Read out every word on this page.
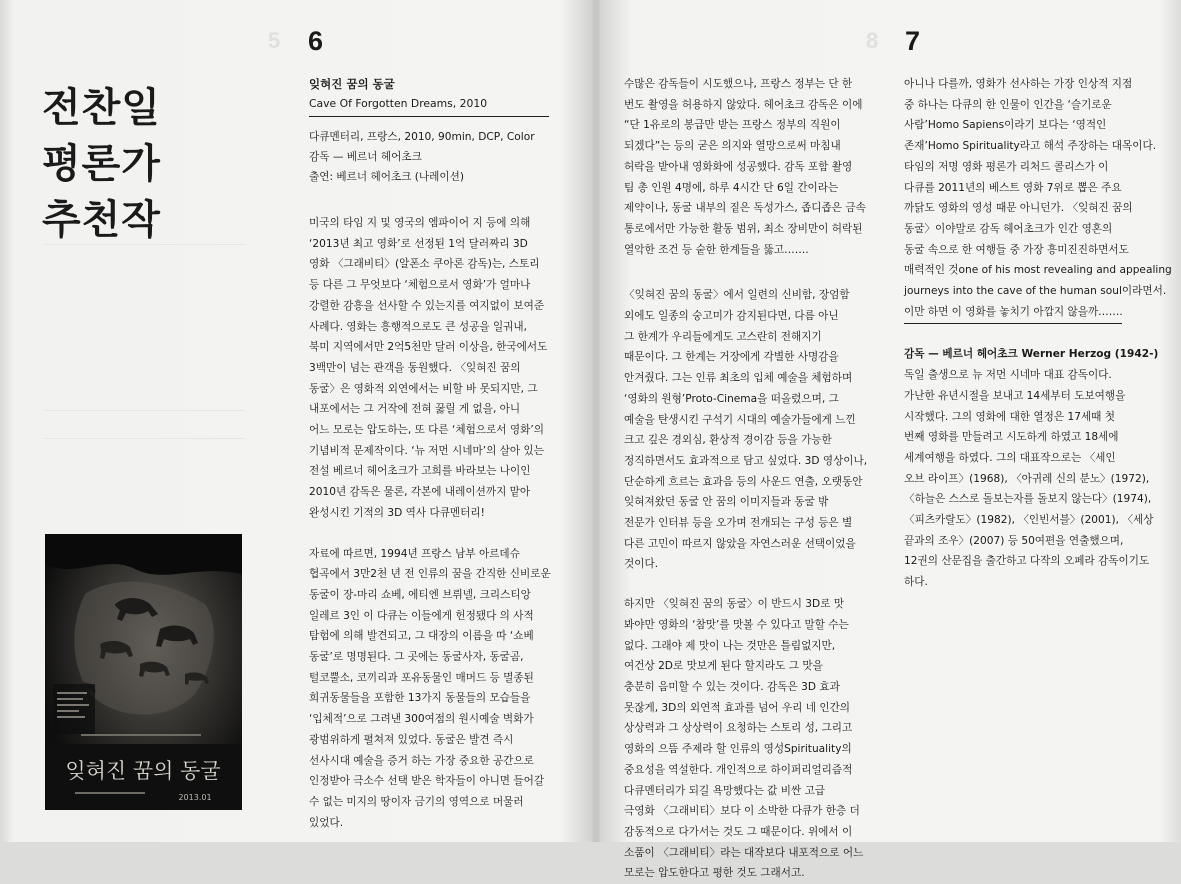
5 6
전찬일
평론가
추천작
잊혀진 꿈의 동굴
Cave Of Forgotten Dreams, 2010

다큐멘터리, 프랑스, 2010, 90min, DCP, Color

감독 — 베르너 헤어초크

출연: 베르너 헤어초크 (나레이션)

미국의 타임 지 및 영국의 엠파이어 지 등에 의해

‘2013년 최고 영화’로 선정된 1억 달러짜리 3D

영화 〈그래비티〉(알폰소 쿠아론 감독)는, 스토리

등 다른 그 무엇보다 ‘체험으로서 영화’가 얼마나

강렬한 감흥을 선사할 수 있는지를 여지없이 보여준

사례다. 영화는 흥행적으로도 큰 성공을 일궈내,

북미 지역에서만 2억5천만 달러 이상을, 한국에서도

3백만이 넘는 관객을 동원했다. 〈잊혀진 꿈의

동굴〉은 영화적 외연에서는 비할 바 못되지만, 그

내포에서는 그 거작에 전혀 꿇릴 게 없을, 아니

어느 모로는 압도하는, 또 다른 ‘체험으로서 영화’의

기념비적 문제작이다. ‘뉴 저먼 시네마’의 살아 있는

전설 베르너 헤어초크가 고희를 바라보는 나이인

2010년 감독은 물론, 각본에 내레이션까지 맡아

완성시킨 기적의 3D 역사 다큐멘터리!

자료에 따르면, 1994년 프랑스 남부 아르데슈

협곡에서 3만2천 년 전 인류의 꿈을 간직한 신비로운

동굴이 장-마리 쇼베, 에티엔 브뤼넬, 크리스티앙

일레르 3인 이 다큐는 이들에게 헌정됐다 의 사적

탐험에 의해 발견되고, 그 대장의 이름을 따 ‘쇼베

동굴’로 명명된다. 그 곳에는 동굴사자, 동굴곰,

털코뿔소, 코끼리과 포유동물인 매머드 등 멸종된

희귀동물들을 포함한 13가지 동물들의 모습들을

‘입체적’으로 그려낸 300여점의 원시예술 벽화가

광범위하게 펼쳐져 있었다. 동굴은 발견 즉시

선사시대 예술을 증거 하는 가장 중요한 공간으로

인정받아 극소수 선택 받은 학자들이 아니면 들어갈

수 없는 미지의 땅이자 금기의 영역으로 머물러

있었다.

잊혀진 꿈의 동굴
2013.01
8 7

수많은 감독들이 시도했으나, 프랑스 정부는 단 한

번도 촬영을 허용하지 않았다. 헤어초크 감독은 이에

“단 1유로의 봉급만 받는 프랑스 정부의 직원이

되겠다”는 등의 굳은 의지와 열망으로써 마침내

허락을 받아내 영화화에 성공했다. 감독 포함 촬영

팀 총 인원 4명에, 하루 4시간 단 6일 간이라는

제약이나, 동굴 내부의 짙은 독성가스, 좁디좁은 금속

통로에서만 가능한 활동 범위, 최소 장비만이 허락된

열악한 조건 등 숱한 한계들을 뚫고…….

〈잊혀진 꿈의 동굴〉에서 일련의 신비함, 장엄함

외에도 일종의 숭고미가 감지된다면, 다름 아닌

그 한계가 우리들에게도 고스란히 전해지기

때문이다. 그 한계는 거장에게 각별한 사명감을

안겨줬다. 그는 인류 최초의 입체 예술을 체험하며

‘영화의 원형’Proto-Cinema을 떠올렸으며, 그

예술을 탄생시킨 구석기 시대의 예술가들에게 느낀

크고 깊은 경외심, 환상적 경이감 등을 가능한

정직하면서도 효과적으로 담고 싶었다. 3D 영상이나,

단순하게 흐르는 효과음 등의 사운드 연출, 오랫동안

잊혀져왔던 동굴 안 꿈의 이미지들과 동굴 밖

전문가 인터뷰 등을 오가며 전개되는 구성 등은 별

다른 고민이 따르지 않았을 자연스러운 선택이었을

것이다.

하지만 〈잊혀진 꿈의 동굴〉이 반드시 3D로 맛

봐야만 영화의 ‘참맛’를 맛볼 수 있다고 말할 수는

없다. 그래야 제 맛이 나는 것만은 틀림없지만,

여건상 2D로 맛보게 된다 할지라도 그 맛을

충분히 음미할 수 있는 것이다. 감독은 3D 효과

못잖게, 3D의 외연적 효과를 넘어 우리 네 인간의

상상력과 그 상상력이 요청하는 스토리 성, 그리고

영화의 으뜸 주제라 할 인류의 영성Spirituality의

중요성을 역설한다. 개인적으로 하이퍼리얼리즘적

다큐멘터리가 되길 욕망했다는 값 비싼 고급

극영화 〈그래비티〉보다 이 소박한 다큐가 한층 더

감동적으로 다가서는 것도 그 때문이다. 위에서 이

소품이 〈그래비티〉라는 대작보다 내포적으로 어느

모로는 압도한다고 평한 것도 그래서고.

아니나 다를까, 영화가 선사하는 가장 인상적 지점

중 하나는 다큐의 한 인물이 인간을 ‘슬기로운

사람’Homo Sapiens이라기 보다는 ‘영적인

존재’Homo Spirituality라고 해석 주장하는 대목이다.

타임의 저명 영화 평론가 리처드 콜리스가 이

다큐를 2011년의 베스트 영화 7위로 뽑은 주요

까닭도 영화의 영성 때문 아니던가. 〈잊혀진 꿈의

동굴〉이야말로 감독 헤어초크가 인간 영혼의

동굴 속으로 한 여행들 중 가장 흥미진진하면서도

매력적인 것one of his most revealing and appealing

journeys into the cave of the human soul이라면서.

이만 하면 이 영화를 놓치기 아깝지 않을까…….

감독 — 베르너 헤어초크 Werner Herzog (1942-)

독일 출생으로 뉴 저먼 시네마 대표 감독이다.

가난한 유년시절을 보내고 14세부터 도보여행을

시작했다. 그의 영화에 대한 열정은 17세때 첫

번째 영화를 만들려고 시도하게 하였고 18세에

세계여행을 하였다. 그의 대표작으로는 〈세인

오브 라이프〉(1968), 〈아귀레 신의 분노〉(1972),

〈하늘은 스스로 돌보는자를 돌보지 않는다〉(1974),

〈피츠카랄도〉(1982), 〈인빈서블〉(2001), 〈세상

끝과의 조우〉(2007) 등 50여편을 연출했으며,

12권의 산문집을 출간하고 다작의 오페라 감독이기도

하다.
